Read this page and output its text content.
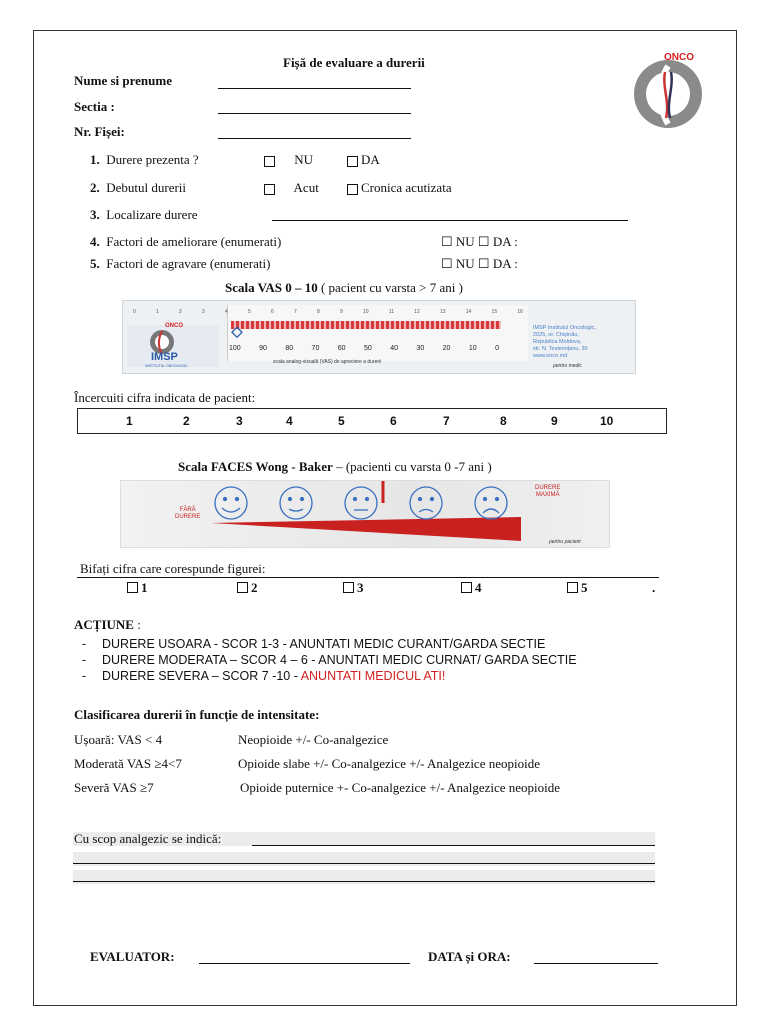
Fișă de evaluare a durerii	ONCO
Nume si prenume
Sectia :
Nr. Fișei:
1. Durere prezenta ?	NU	DA
2. Debutul durerii	Acut	Cronica acutizata
3. Localizare durere
4. Factori de ameliorare (enumerati)	☐ NU ☐ DA :
5. Factori de agravare (enumerati)	☐ NU ☐ DA :
Scala VAS 0 – 10 ( pacient cu varsta > 7 ani )
ONCO
IMSP
INSTITUTUL ONCOLOGIC
0	1	2	3	4	5	6	7	8	9	10	11	12	13	14	15	16
100	90	80	70	60	50	40	30	20	10	0
scala analog-vizuală (VAS) de apreciere a durerii
IMSP Institutul Oncologic,
2025, or. Chișinău,
Republica Moldova,
str. N. Testemițanu, 30
www.onco.md
pentru medic
Încercuiti cifra indicata de pacient:
1	2	3	4	5	6	7	8	9	10
Scala FACES Wong - Baker – (pacienti cu varsta 0 -7 ani )
FĂRĂ
DURERE
DURERE
MAXIMĂ
pentru pacient
Bifați cifra care corespunde figurei:
1	2	3	4	5	.
ACȚIUNE :
- DURERE USOARA - SCOR 1-3 - ANUNTATI MEDIC CURANT/GARDA SECTIE
- DURERE MODERATA – SCOR 4 – 6 - ANUNTATI MEDIC CURNAT/ GARDA SECTIE
- DURERE SEVERA – SCOR 7 -10 - ANUNTATI MEDICUL ATI!
Clasificarea durerii în funcție de intensitate:
Ușoară: VAS < 4	Neopioide +/- Co-analgezice
Moderată VAS ≥4<7	Opioide slabe +/- Co-analgezice +/- Analgezice neopioide
Severă VAS ≥7	Opioide puternice +- Co-analgezice +/- Analgezice neopioide
Cu scop analgezic se indică:
EVALUATOR:	DATA și ORA:
